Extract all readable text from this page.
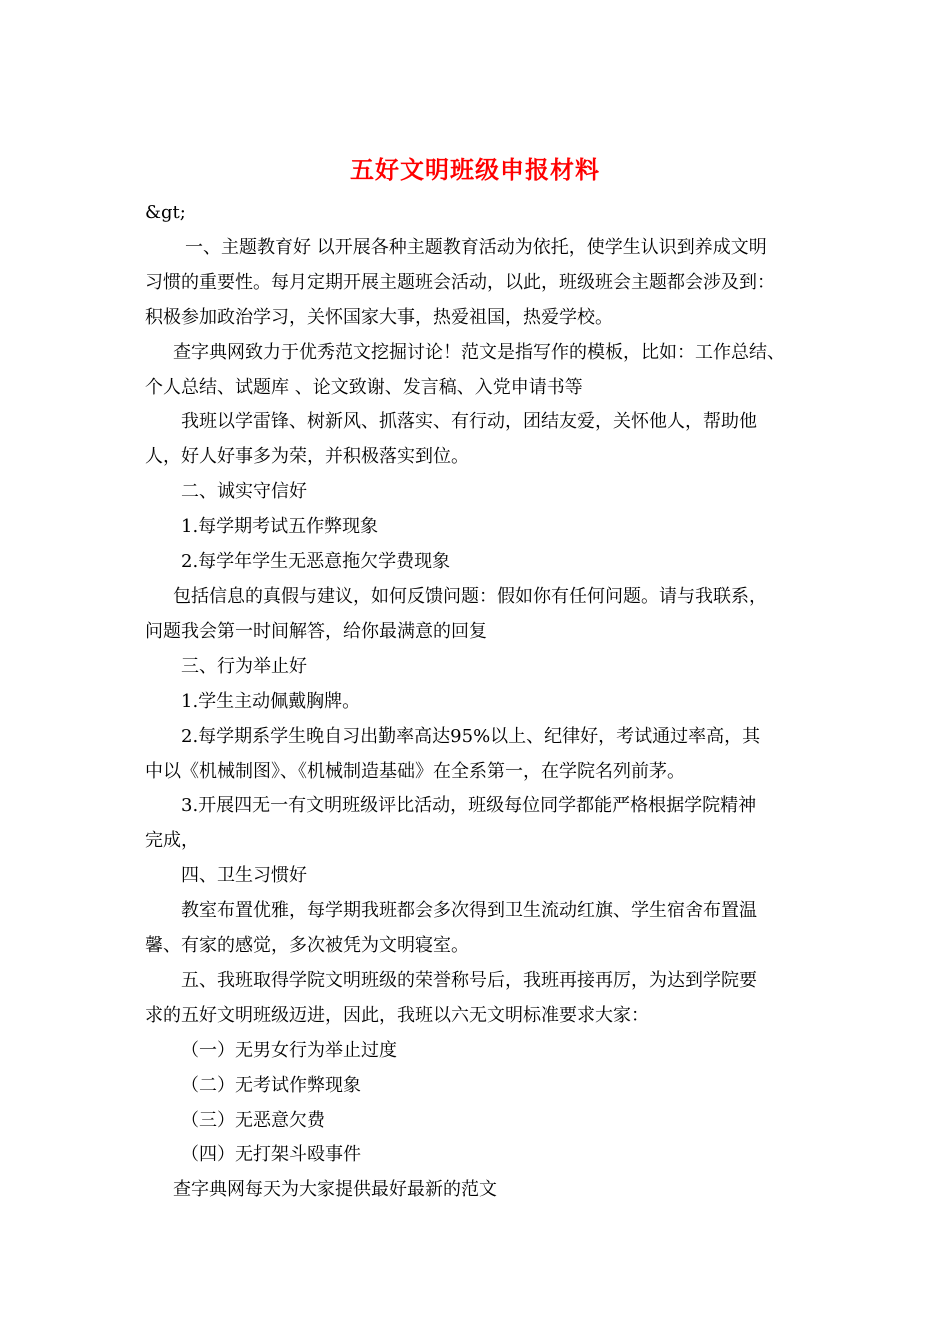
五好文明班级申报材料

&gt;

一、主题教育好 以开展各种主题教育活动为依托，使学生认识到养成文明

习惯的重要性。每月定期开展主题班会活动，以此，班级班会主题都会涉及到：

积极参加政治学习，关怀国家大事，热爱祖国，热爱学校。

查字典网致力于优秀范文挖掘讨论！范文是指写作的模板，比如：工作总结、

个人总结、试题库 、论文致谢、发言稿、入党申请书等

我班以学雷锋、树新风、抓落实、有行动，团结友爱，关怀他人，帮助他

人，好人好事多为荣，并积极落实到位。

二、诚实守信好

1.每学期考试五作弊现象

2.每学年学生无恶意拖欠学费现象

包括信息的真假与建议，如何反馈问题：假如你有任何问题。请与我联系，

问题我会第一时间解答，给你最满意的回复

三、行为举止好

1.学生主动佩戴胸牌。

2.每学期系学生晚自习出勤率高达95%以上、纪律好，考试通过率高，其

中以《机械制图》、《机械制造基础》在全系第一，在学院名列前茅。

3.开展四无一有文明班级评比活动，班级每位同学都能严格根据学院精神

完成，

四、卫生习惯好

教室布置优雅，每学期我班都会多次得到卫生流动红旗、学生宿舍布置温

馨、有家的感觉，多次被凭为文明寝室。

五、我班取得学院文明班级的荣誉称号后，我班再接再厉，为达到学院要

求的五好文明班级迈进，因此，我班以六无文明标准要求大家：

（一）无男女行为举止过度

（二）无考试作弊现象

（三）无恶意欠费

（四）无打架斗殴事件

查字典网每天为大家提供最好最新的范文
